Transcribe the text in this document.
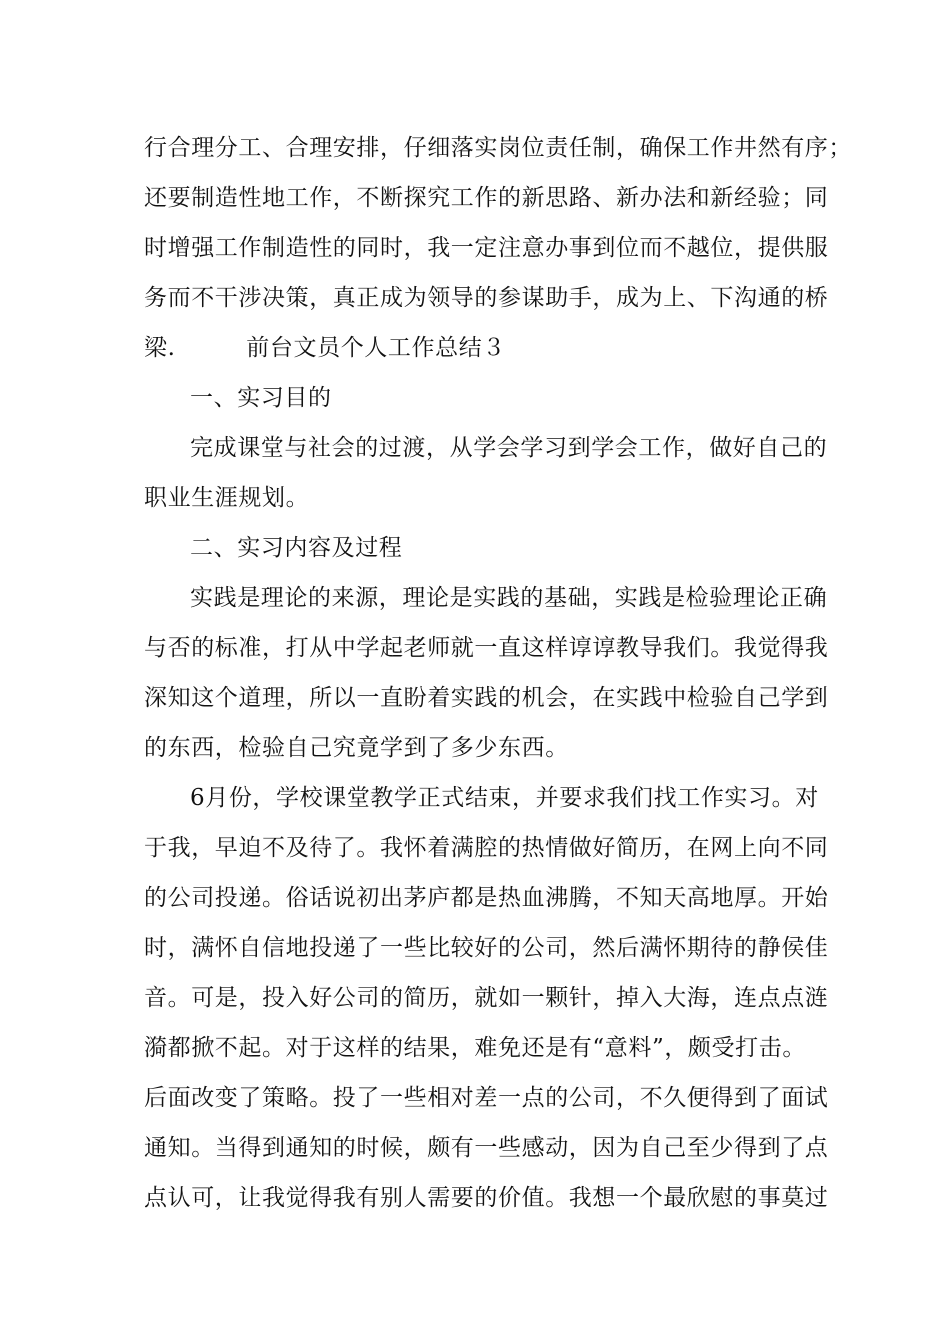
行合理分工、合理安排，仔细落实岗位责任制，确保工作井然有序；
还要制造性地工作，不断探究工作的新思路、新办法和新经验；同
时增强工作制造性的同时，我一定注意办事到位而不越位，提供服
务而不干涉决策，真正成为领导的参谋助手，成为上、下沟通的桥
梁.　　　前台文员个人工作总结３
一、实习目的
完成课堂与社会的过渡，从学会学习到学会工作，做好自己的
职业生涯规划。
二、实习内容及过程
实践是理论的来源，理论是实践的基础，实践是检验理论正确
与否的标准，打从中学起老师就一直这样谆谆教导我们。我觉得我
深知这个道理，所以一直盼着实践的机会，在实践中检验自己学到
的东西，检验自己究竟学到了多少东西。
6月份，学校课堂教学正式结束，并要求我们找工作实习。对
于我，早迫不及待了。我怀着满腔的热情做好简历，在网上向不同
的公司投递。俗话说初出茅庐都是热血沸腾，不知天高地厚。开始
时，满怀自信地投递了一些比较好的公司，然后满怀期待的静侯佳
音。可是，投入好公司的简历，就如一颗针，掉入大海，连点点涟
漪都掀不起。对于这样的结果，难免还是有“意料”，颇受打击。
后面改变了策略。投了一些相对差一点的公司，不久便得到了面试
通知。当得到通知的时候，颇有一些感动，因为自己至少得到了点
点认可，让我觉得我有别人需要的价值。我想一个最欣慰的事莫过
